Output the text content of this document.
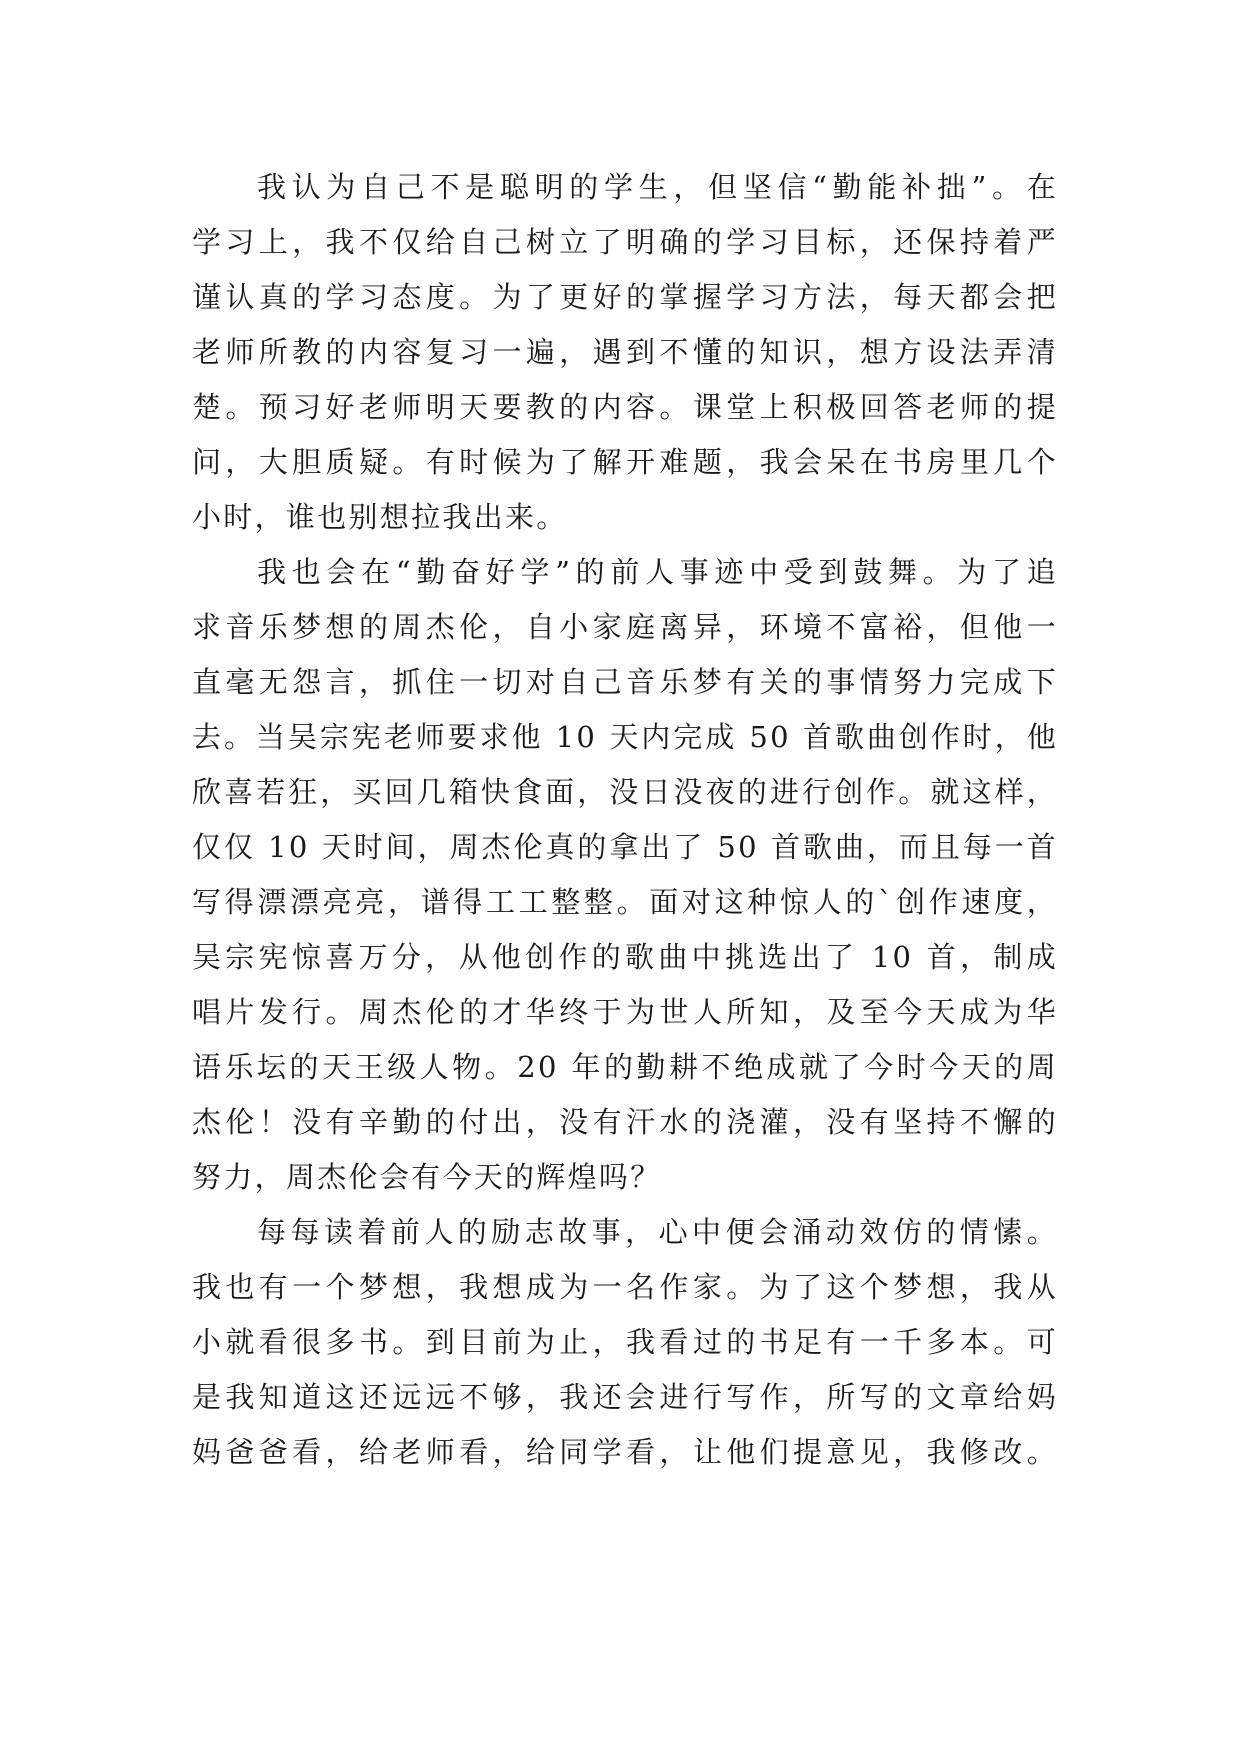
我认为自己不是聪明的学生，但坚信“勤能补拙”。在
学习上，我不仅给自己树立了明确的学习目标，还保持着严
谨认真的学习态度。为了更好的掌握学习方法，每天都会把
老师所教的内容复习一遍，遇到不懂的知识，想方设法弄清
楚。预习好老师明天要教的内容。课堂上积极回答老师的提
问，大胆质疑。有时候为了解开难题，我会呆在书房里几个
小时，谁也别想拉我出来。
我也会在“勤奋好学”的前人事迹中受到鼓舞。为了追
求音乐梦想的周杰伦，自小家庭离异，环境不富裕，但他一
直毫无怨言，抓住一切对自己音乐梦有关的事情努力完成下
去。当吴宗宪老师要求他 10 天内完成 50 首歌曲创作时，他
欣喜若狂，买回几箱快食面，没日没夜的进行创作。就这样，
仅仅 10 天时间，周杰伦真的拿出了 50 首歌曲，而且每一首
写得漂漂亮亮，谱得工工整整。面对这种惊人的`创作速度，
吴宗宪惊喜万分，从他创作的歌曲中挑选出了 10 首，制成
唱片发行。周杰伦的才华终于为世人所知，及至今天成为华
语乐坛的天王级人物。20 年的勤耕不绝成就了今时今天的周
杰伦！没有辛勤的付出，没有汗水的浇灌，没有坚持不懈的
努力，周杰伦会有今天的辉煌吗？
每每读着前人的励志故事，心中便会涌动效仿的情愫。
我也有一个梦想，我想成为一名作家。为了这个梦想，我从
小就看很多书。到目前为止，我看过的书足有一千多本。可
是我知道这还远远不够，我还会进行写作，所写的文章给妈
妈爸爸看，给老师看，给同学看，让他们提意见，我修改。
